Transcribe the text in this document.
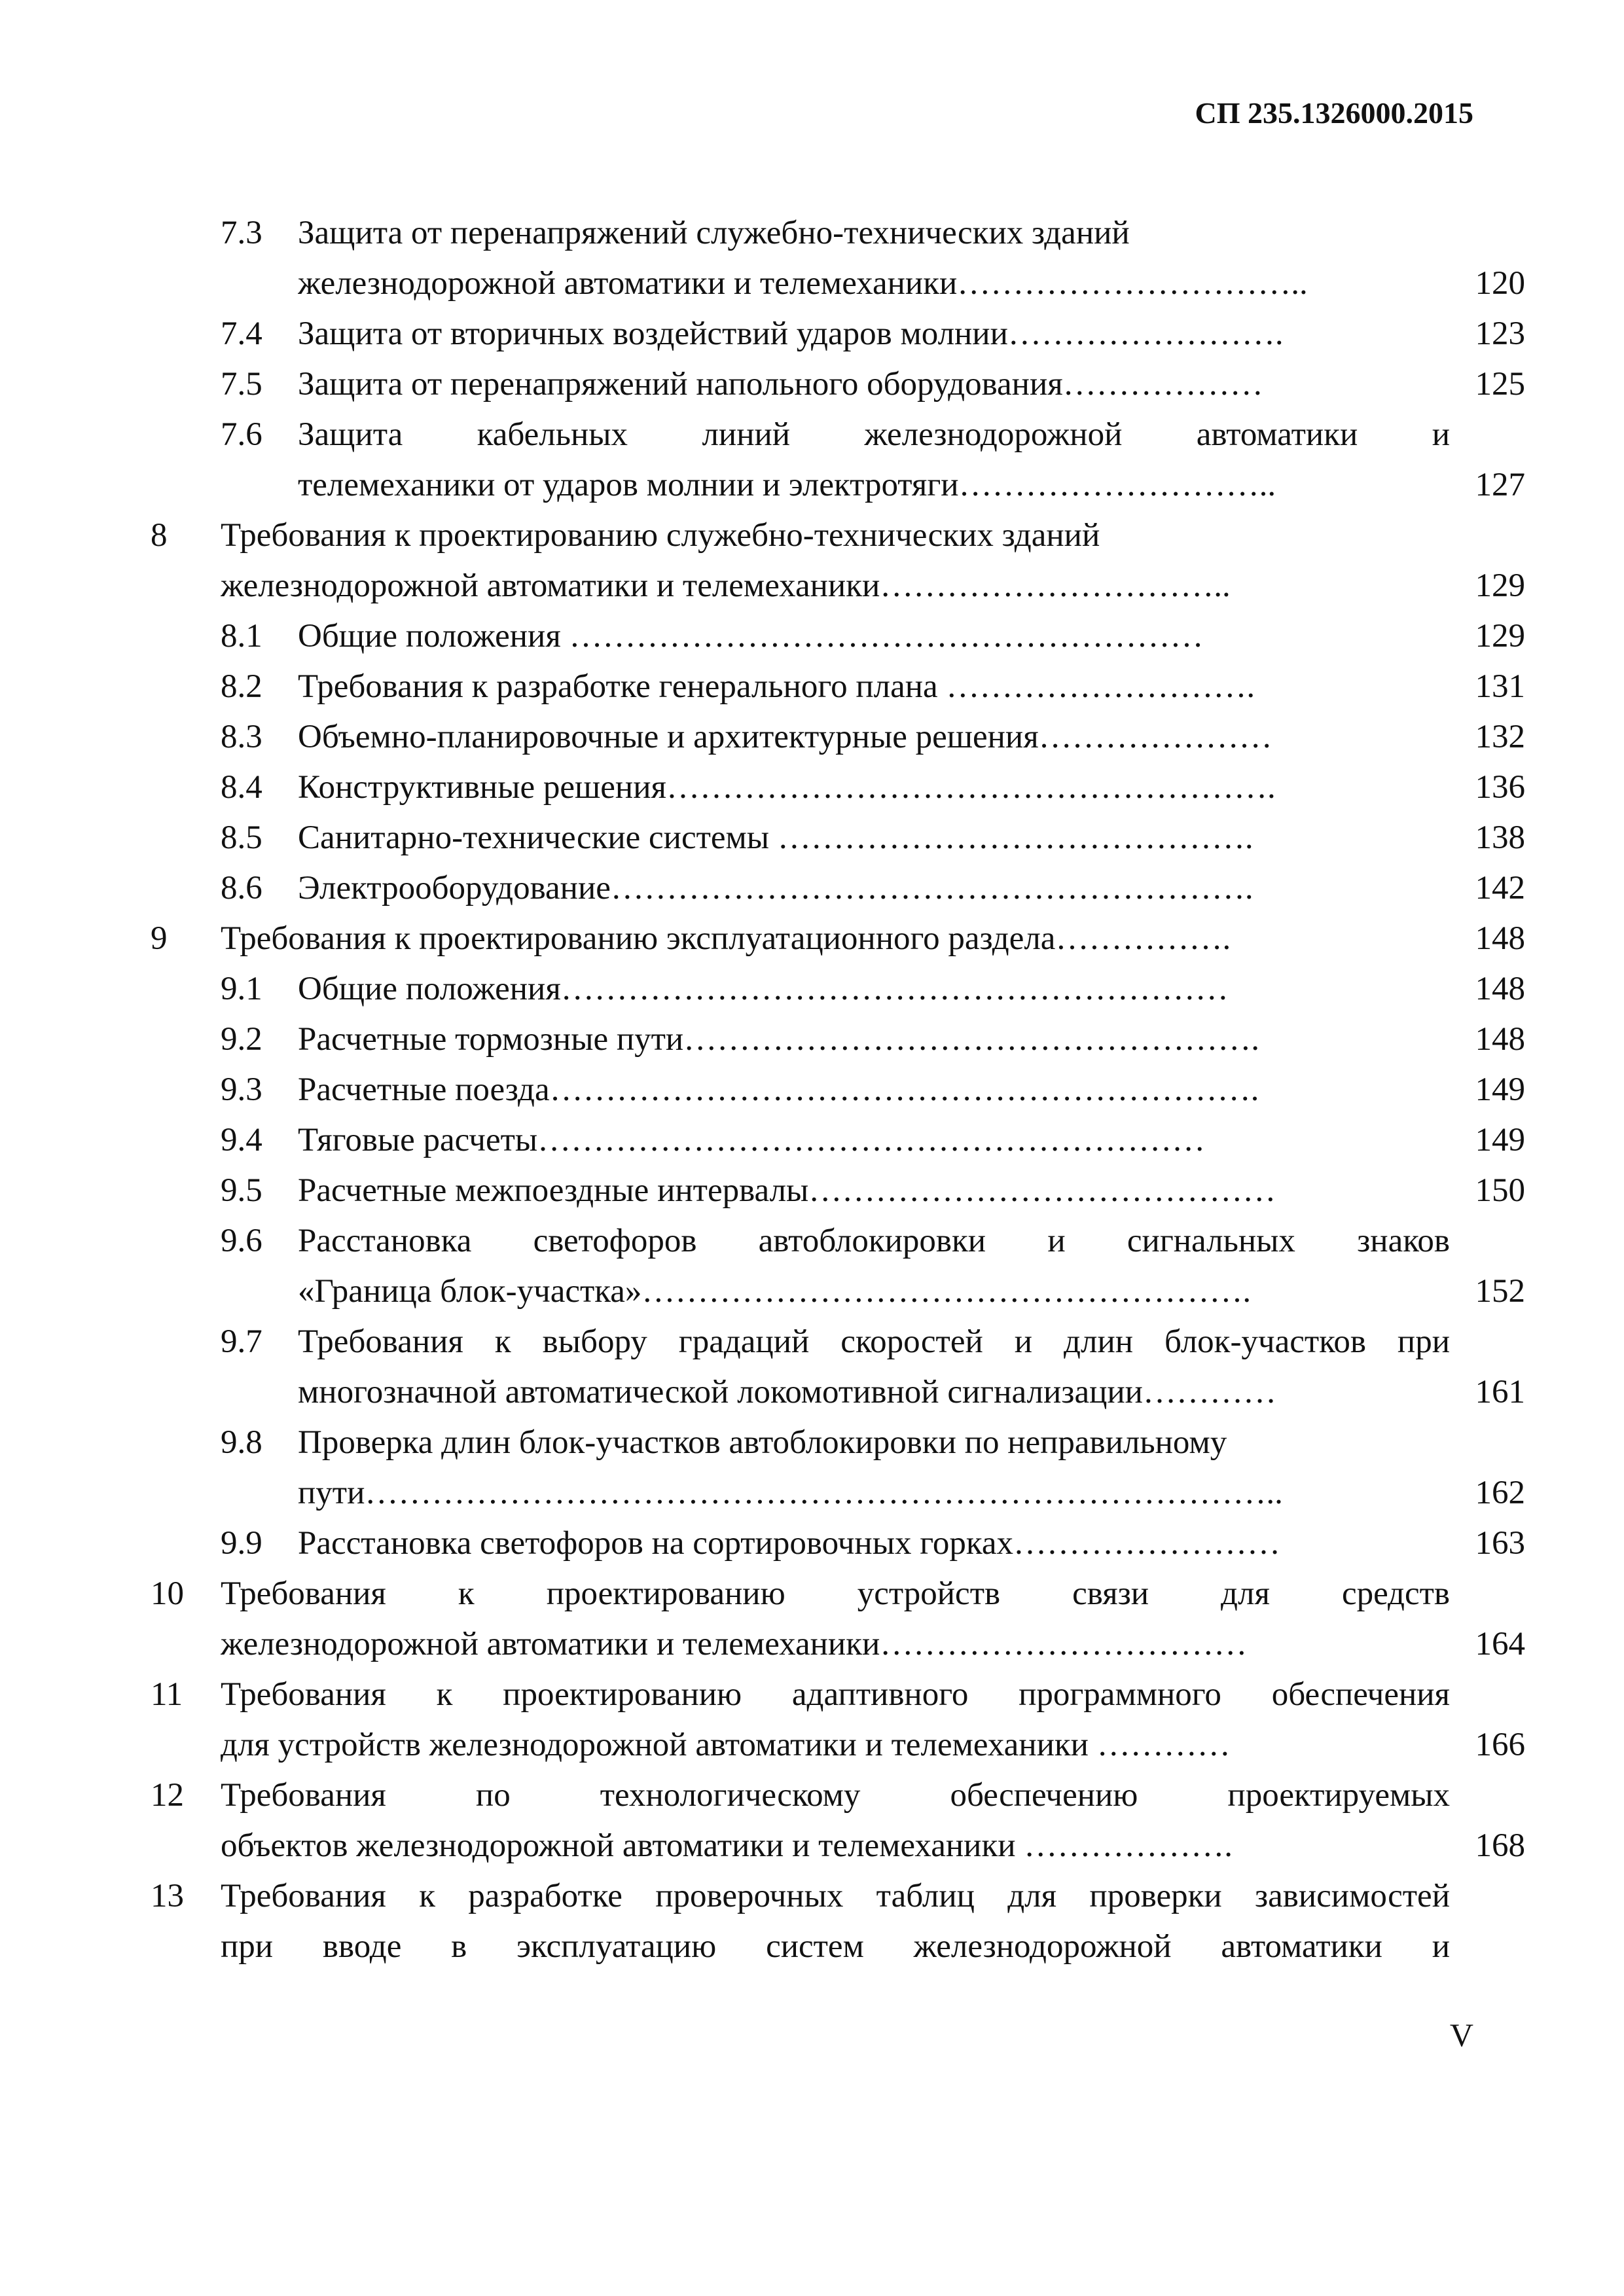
СП 235.1326000.2015
7.3 Защита от перенапряжений служебно-технических зданий
железнодорожной автоматики и телемеханики…………………………..	120
7.4 Защита от вторичных воздействий ударов молнии…………………….	123
7.5 Защита от перенапряжений напольного оборудования………………	125
7.6 Защита кабельных линий железнодорожной автоматики и
телемеханики от ударов молнии и электротяги………………………..	127
8 Требования к проектированию служебно-технических зданий
железнодорожной автоматики и телемеханики…………………………..	129
8.1 Общие положения …………………………………………………	129
8.2 Требования к разработке генерального плана ……………………….	131
8.3 Объемно-планировочные и архитектурные решения…………………	132
8.4 Конструктивные решения……………………………………………….	136
8.5 Санитарно-технические системы …………………………………….	138
8.6 Электрооборудование………………………………………………….	142
9 Требования к проектированию эксплуатационного раздела…………….	148
9.1 Общие положения……………………………………………………	148
9.2 Расчетные тормозные пути…………………………………………….	148
9.3 Расчетные поезда……………………………………………………….	149
9.4 Тяговые расчеты……………………………………………………	149
9.5 Расчетные межпоездные интервалы……………………………………	150
9.6 Расстановка светофоров автоблокировки и сигнальных знаков
«Граница блок-участка»……………………………………………….	152
9.7 Требования к выбору градаций скоростей и длин блок-участков при
многозначной автоматической локомотивной сигнализации…………	161
9.8 Проверка длин блок-участков автоблокировки по неправильному
пути………………………………………………………………………..	162
9.9 Расстановка светофоров на сортировочных горках……………………	163
10 Требования к проектированию устройств связи для средств
железнодорожной автоматики и телемеханики……………………………	164
11 Требования к проектированию адаптивного программного обеспечения
для устройств железнодорожной автоматики и телемеханики …………	166
12 Требования по технологическому обеспечению проектируемых
объектов железнодорожной автоматики и телемеханики ……………….	168
13 Требования к разработке проверочных таблиц для проверки зависимостей
при вводе в эксплуатацию систем железнодорожной автоматики и
V
